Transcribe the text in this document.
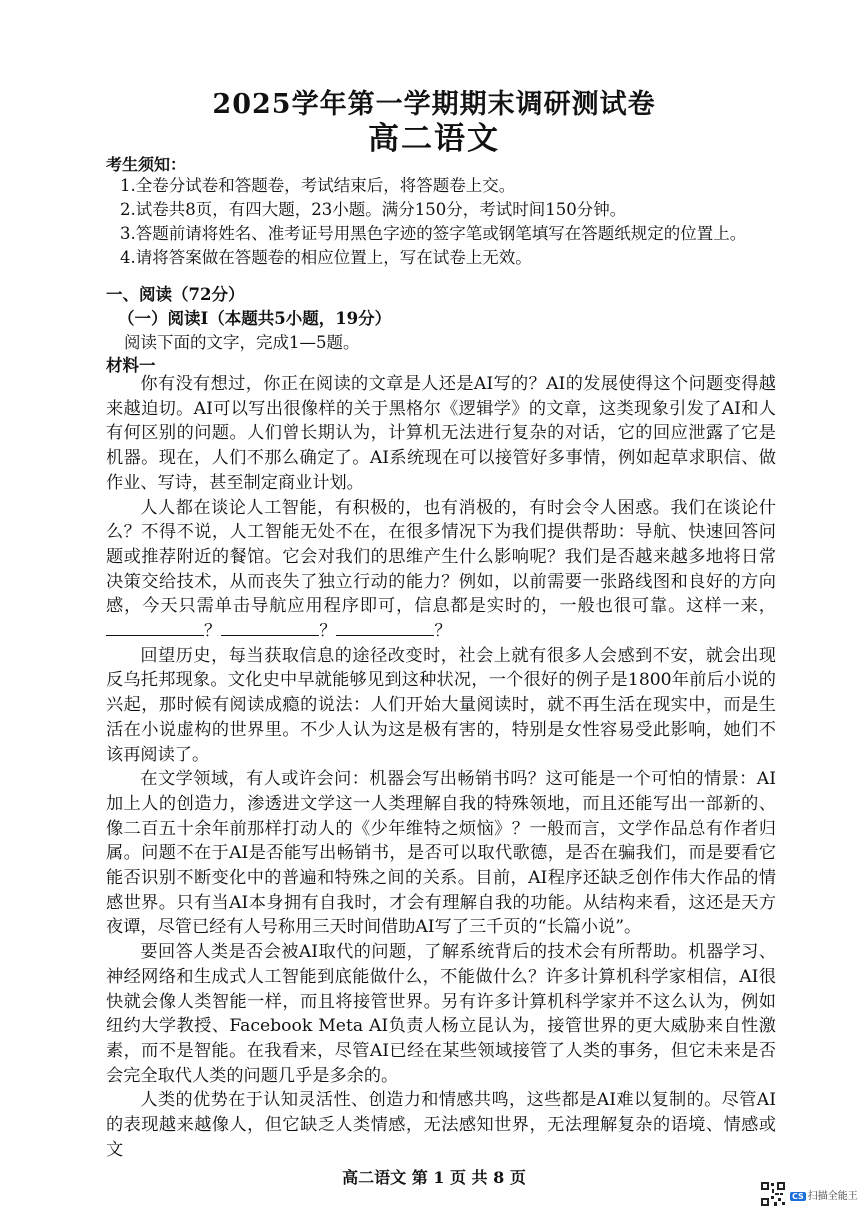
2025学年第一学期期末调研测试卷
高二语文
考生须知：
1.全卷分试卷和答题卷，考试结束后，将答题卷上交。
2.试卷共8页，有四大题，23小题。满分150分，考试时间150分钟。
3.答题前请将姓名、准考证号用黑色字迹的签字笔或钢笔填写在答题纸规定的位置上。
4.请将答案做在答题卷的相应位置上，写在试卷上无效。
一、阅读（72分）
（一）阅读I（本题共5小题，19分）
阅读下面的文字，完成1—5题。
材料一

你有没有想过，你正在阅读的文章是人还是AI写的？AI的发展使得这个问题变得越来越迫切。AI可以写出很像样的关于黑格尔《逻辑学》的文章，这类现象引发了AI和人有何区别的问题。人们曾长期认为，计算机无法进行复杂的对话，它的回应泄露了它是机器。现在，人们不那么确定了。AI系统现在可以接管好多事情，例如起草求职信、做作业、写诗，甚至制定商业计划。

人人都在谈论人工智能，有积极的，也有消极的，有时会令人困惑。我们在谈论什么？不得不说，人工智能无处不在，在很多情况下为我们提供帮助：导航、快速回答问题或推荐附近的餐馆。它会对我们的思维产生什么影响呢？我们是否越来越多地将日常决策交给技术，从而丧失了独立行动的能力？例如，以前需要一张路线图和良好的方向感，今天只需单击导航应用程序即可，信息都是实时的，一般也很可靠。这样一来，？	？	？

回望历史，每当获取信息的途径改变时，社会上就有很多人会感到不安，就会出现反乌托邦现象。文化史中早就能够见到这种状况，一个很好的例子是1800年前后小说的兴起，那时候有阅读成瘾的说法：人们开始大量阅读时，就不再生活在现实中，而是生活在小说虚构的世界里。不少人认为这是极有害的，特别是女性容易受此影响，她们不该再阅读了。

在文学领域，有人或许会问：机器会写出畅销书吗？这可能是一个可怕的情景：AI加上人的创造力，渗透进文学这一人类理解自我的特殊领地，而且还能写出一部新的、像二百五十余年前那样打动人的《少年维特之烦恼》？一般而言，文学作品总有作者归属。问题不在于AI是否能写出畅销书，是否可以取代歌德，是否在骗我们，而是要看它能否识别不断变化中的普遍和特殊之间的关系。目前，AI程序还缺乏创作伟大作品的情感世界。只有当AI本身拥有自我时，才会有理解自我的功能。从结构来看，这还是天方夜谭，尽管已经有人号称用三天时间借助AI写了三千页的“长篇小说”。

要回答人类是否会被AI取代的问题，了解系统背后的技术会有所帮助。机器学习、神经网络和生成式人工智能到底能做什么，不能做什么？许多计算机科学家相信，AI很快就会像人类智能一样，而且将接管世界。另有许多计算机科学家并不这么认为，例如纽约大学教授、Facebook Meta AI负责人杨立昆认为，接管世界的更大威胁来自性激素，而不是智能。在我看来，尽管AI已经在某些领域接管了人类的事务，但它未来是否会完全取代人类的问题几乎是多余的。

人类的优势在于认知灵活性、创造力和情感共鸣，这些都是AI难以复制的。尽管AI的表现越来越像人，但它缺乏人类情感，无法感知世界，无法理解复杂的语境、情感或文

高二语文 第 1 页 共 8 页
CS 扫描全能王
